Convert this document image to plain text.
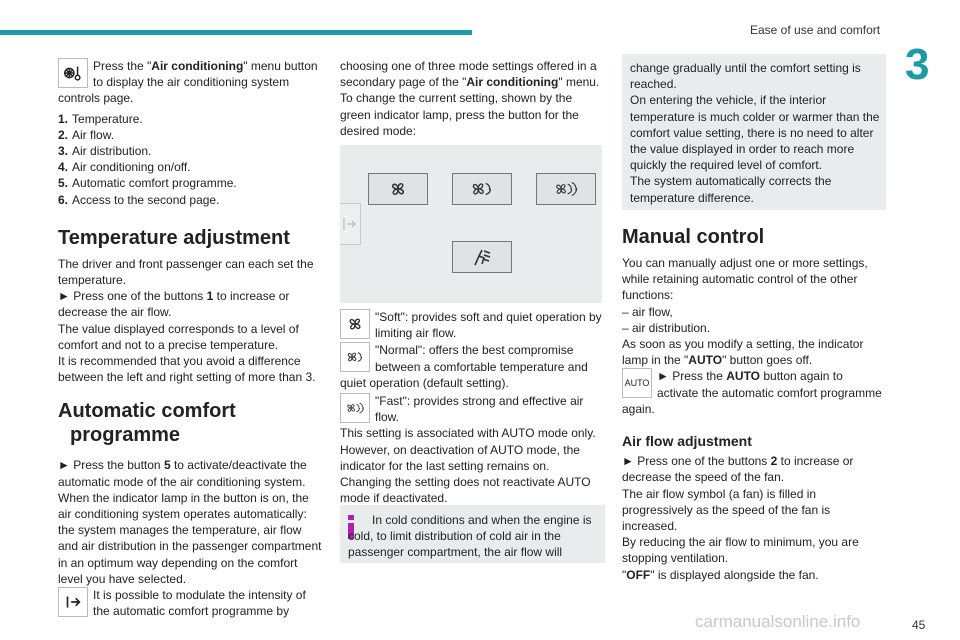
Ease of use and comfort
3

Press the "Air conditioning" menu button to display the air conditioning system controls page.

1. Temperature.
2. Air flow.
3. Air distribution.
4. Air conditioning on/off.
5. Automatic comfort programme.
6. Access to the second page.
Temperature adjustment

The driver and front passenger can each set the temperature.

► Press one of the buttons 1 to increase or decrease the air flow.

The value displayed corresponds to a level of comfort and not to a precise temperature.

It is recommended that you avoid a difference between the left and right setting of more than 3.

Automatic comfort
programme

► Press the button 5 to activate/deactivate the automatic mode of the air conditioning system.

When the indicator lamp in the button is on, the air conditioning system operates automatically: the system manages the temperature, air flow and air distribution in the passenger compartment in an optimum way depending on the comfort level you have selected.

It is possible to modulate the intensity of the automatic comfort programme by

choosing one of three mode settings offered in a secondary page of the "Air conditioning" menu.

To change the current setting, shown by the green indicator lamp, press the button for the desired mode:

"Soft": provides soft and quiet operation by limiting air flow.

"Normal": offers the best compromise between a comfortable temperature and quiet operation (default setting).

"Fast": provides strong and effective air flow.

This setting is associated with AUTO mode only. However, on deactivation of AUTO mode, the indicator for the last setting remains on.

Changing the setting does not reactivate AUTO mode if deactivated.

In cold conditions and when the engine is cold, to limit distribution of cold air in the passenger compartment, the air flow will

change gradually until the comfort setting is reached.

On entering the vehicle, if the interior temperature is much colder or warmer than the comfort value setting, there is no need to alter the value displayed in order to reach more quickly the required level of comfort.

The system automatically corrects the temperature difference.

Manual control

You can manually adjust one or more settings, while retaining automatic control of the other functions:

– air flow,

– air distribution.

As soon as you modify a setting, the indicator lamp in the "AUTO" button goes off.

AUTO ► Press the AUTO button again to activate the automatic comfort programme again.

Air flow adjustment

► Press one of the buttons 2 to increase or decrease the speed of the fan.

The air flow symbol (a fan) is filled in progressively as the speed of the fan is increased.

By reducing the air flow to minimum, you are stopping ventilation.

"OFF" is displayed alongside the fan.

carmanualsonline.info	45
